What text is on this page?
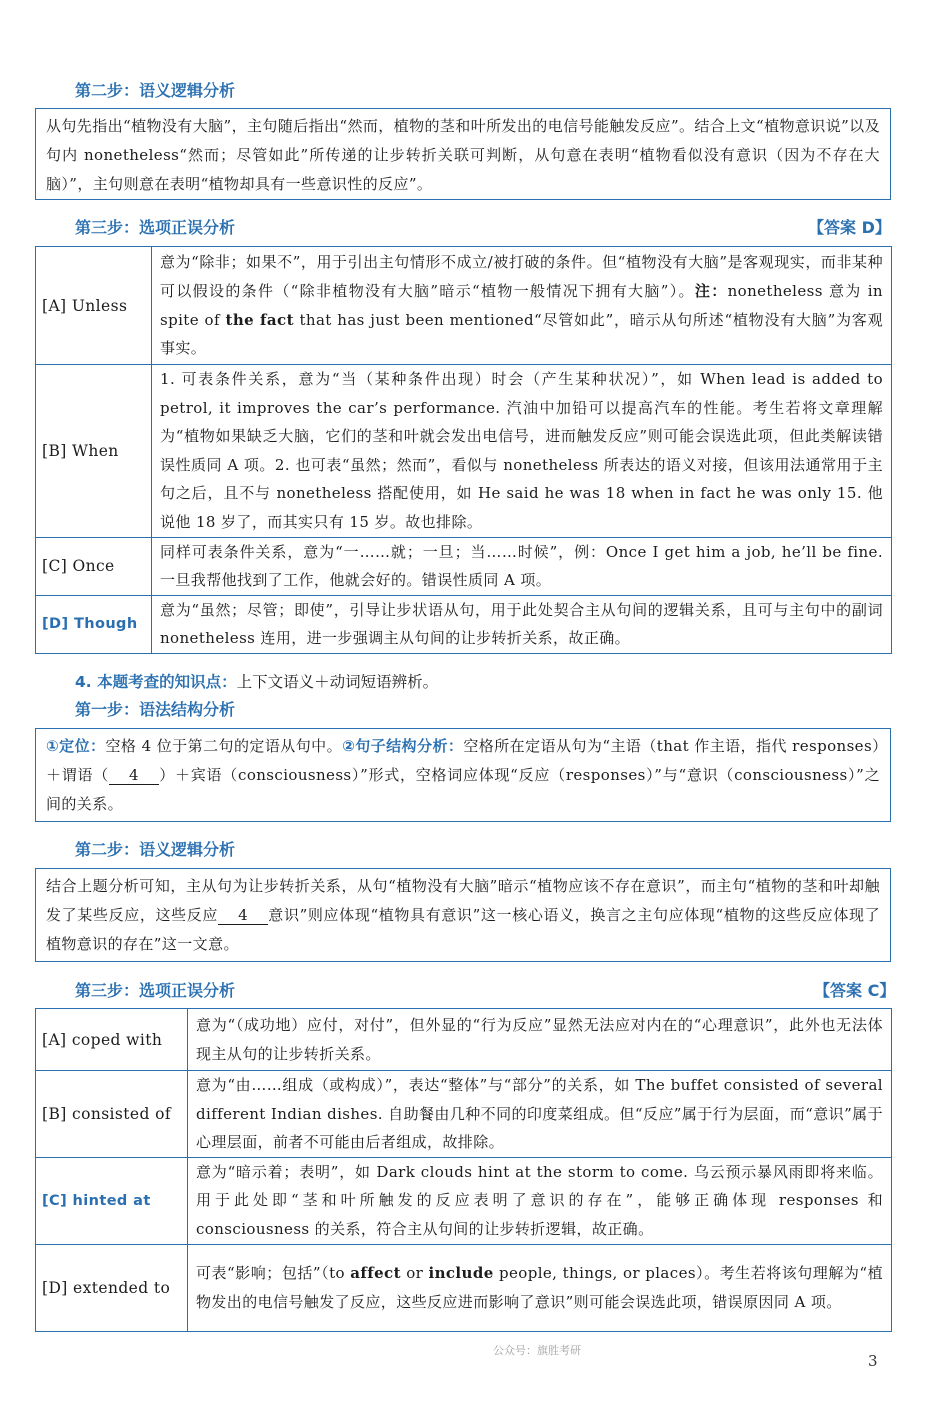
第二步：语义逻辑分析
从句先指出“植物没有大脑”，主句随后指出“然而，植物的茎和叶所发出的电信号能触发反应”。结合上文“植物意识说”以及句内 nonetheless“然而；尽管如此”所传递的让步转折关联可判断，从句意在表明“植物看似没有意识（因为不存在大脑）”，主句则意在表明“植物却具有一些意识性的反应”。
第三步：选项正误分析	【答案 D】
[A] Unless	意为“除非；如果不”，用于引出主句情形不成立/被打破的条件。但“植物没有大脑”是客观现实，而非某种可以假设的条件（“除非植物没有大脑”暗示“植物一般情况下拥有大脑”）。注：nonetheless 意为 in spite of the fact that has just been mentioned“尽管如此”，暗示从句所述“植物没有大脑”为客观事实。
[B] When	1. 可表条件关系，意为“当（某种条件出现）时会（产生某种状况）”，如 When lead is added to petrol, it improves the car’s performance. 汽油中加铅可以提高汽车的性能。考生若将文章理解为“植物如果缺乏大脑，它们的茎和叶就会发出电信号，进而触发反应”则可能会误选此项，但此类解读错误性质同 A 项。2. 也可表“虽然；然而”，看似与 nonetheless 所表达的语义对接，但该用法通常用于主句之后，且不与 nonetheless 搭配使用，如 He said he was 18 when in fact he was only 15. 他说他 18 岁了，而其实只有 15 岁。故也排除。
[C] Once	同样可表条件关系，意为“一……就；一旦；当……时候”，例：Once I get him a job, he’ll be fine. 一旦我帮他找到了工作，他就会好的。错误性质同 A 项。
[D] Though	意为“虽然；尽管；即使”，引导让步状语从句，用于此处契合主从句间的逻辑关系，且可与主句中的副词 nonetheless 连用，进一步强调主从句间的让步转折关系，故正确。
4. 本题考查的知识点：上下文语义＋动词短语辨析。
第一步：语法结构分析
①定位：空格 4 位于第二句的定语从句中。②句子结构分析：空格所在定语从句为“主语（that 作主语，指代 responses）＋谓语（ 4 ）＋宾语（consciousness）”形式，空格词应体现“反应（responses）”与“意识（consciousness）”之间的关系。
第二步：语义逻辑分析
结合上题分析可知，主从句为让步转折关系，从句“植物没有大脑”暗示“植物应该不存在意识”，而主句“植物的茎和叶却触发了某些反应，这些反应 4 意识”则应体现“植物具有意识”这一核心语义，换言之主句应体现“植物的这些反应体现了植物意识的存在”这一文意。
第三步：选项正误分析	【答案 C】
[A] coped with	意为“（成功地）应付，对付”，但外显的“行为反应”显然无法应对内在的“心理意识”，此外也无法体现主从句的让步转折关系。
[B] consisted of	意为“由……组成（或构成）”，表达“整体”与“部分”的关系，如 The buffet consisted of several different Indian dishes. 自助餐由几种不同的印度菜组成。但“反应”属于行为层面，而“意识”属于心理层面，前者不可能由后者组成，故排除。
[C] hinted at	意为“暗示着；表明”，如 Dark clouds hint at the storm to come. 乌云预示暴风雨即将来临。用于此处即“茎和叶所触发的反应表明了意识的存在”，能够正确体现 responses 和 consciousness 的关系，符合主从句间的让步转折逻辑，故正确。
[D] extended to	可表“影响；包括”（to affect or include people, things, or places）。考生若将该句理解为“植物发出的电信号触发了反应，这些反应进而影响了意识”则可能会误选此项，错误原因同 A 项。
公众号：旗胜考研
3
